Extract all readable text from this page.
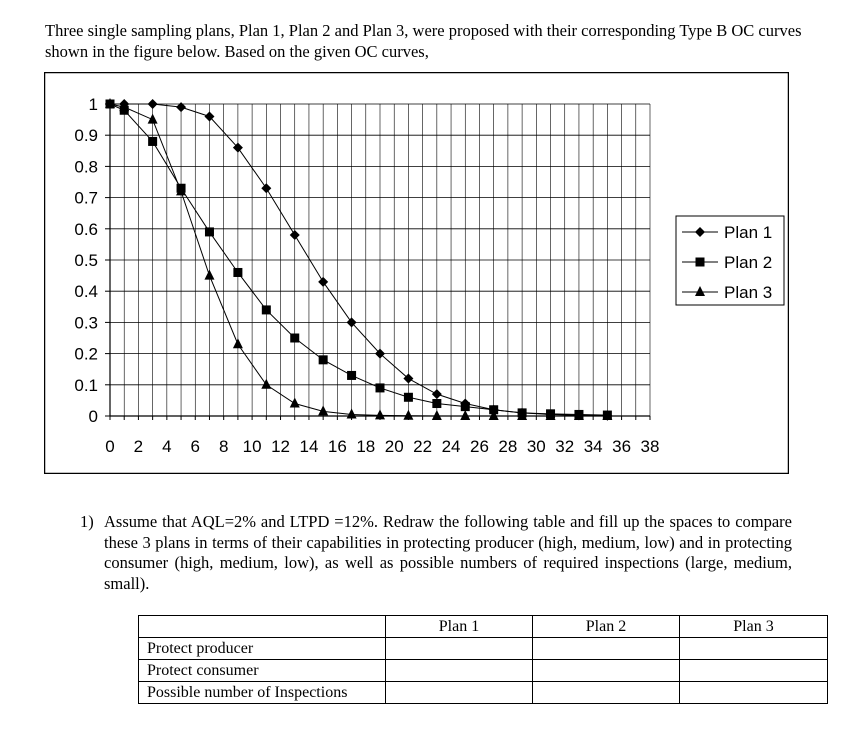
Three single sampling plans, Plan 1, Plan 2 and Plan 3, were proposed with their corresponding Type B OC curves shown in the figure below. Based on the given OC curves,

0
0.1
0.2
0.3
0.4
0.5
0.6
0.7
0.8
0.9
1
0 2 4 6 8 10 12 14 16 18 20 22 24 26 28 30 32 34 36 38
Plan 1
Plan 2
Plan 3
1) Assume that AQL=2% and LTPD =12%. Redraw the following table and fill up the spaces to compare these 3 plans in terms of their capabilities in protecting producer (high, medium, low) and in protecting consumer (high, medium, low), as well as possible numbers of required inspections (large, medium, small).
	Plan 1	Plan 2	Plan 3
Protect producer			
Protect consumer			
Possible number of Inspections			
